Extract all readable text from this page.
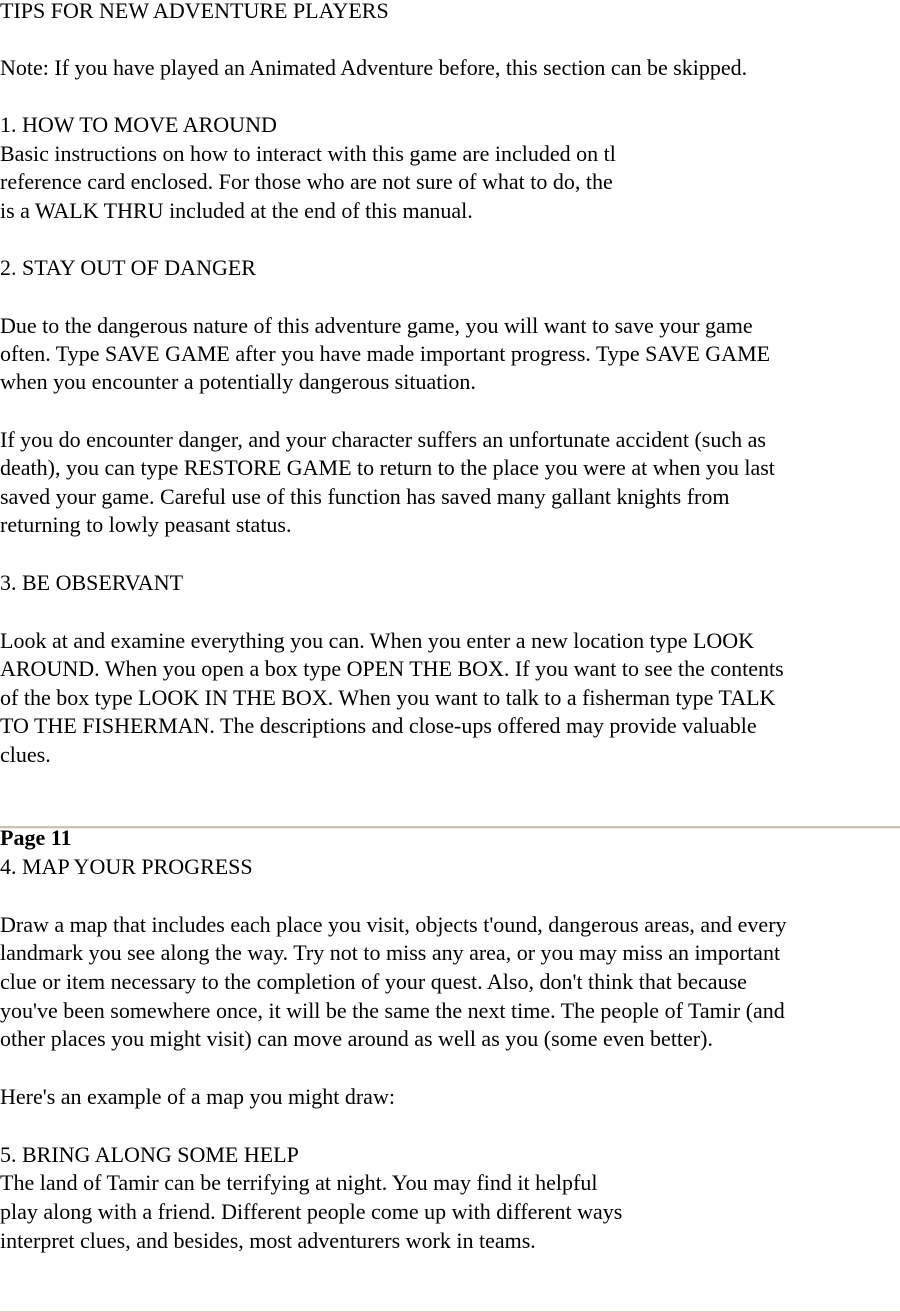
TIPS FOR NEW ADVENTURE PLAYERS
Note: If you have played an Animated Adventure before, this section can be skipped.
1. HOW TO MOVE AROUND
Basic instructions on how to interact with this game are included on tl
reference card enclosed. For those who are not sure of what to do, the
is a WALK THRU included at the end of this manual.
2. STAY OUT OF DANGER
Due to the dangerous nature of this adventure game, you will want to save your game
often. Type SAVE GAME after you have made important progress. Type SAVE GAME
when you encounter a potentially dangerous situation.
If you do encounter danger, and your character suffers an unfortunate accident (such as
death), you can type RESTORE GAME to return to the place you were at when you last
saved your game. Careful use of this function has saved many gallant knights from
returning to lowly peasant status.
3. BE OBSERVANT
Look at and examine everything you can. When you enter a new location type LOOK
AROUND. When you open a box type OPEN THE BOX. If you want to see the contents
of the box type LOOK IN THE BOX. When you want to talk to a fisherman type TALK
TO THE FISHERMAN. The descriptions and close-ups offered may provide valuable
clues.
Page 11
4. MAP YOUR PROGRESS
Draw a map that includes each place you visit, objects t'ound, dangerous areas, and every
landmark you see along the way. Try not to miss any area, or you may miss an important
clue or item necessary to the completion of your quest. Also, don't think that because
you've been somewhere once, it will be the same the next time. The people of Tamir (and
other places you might visit) can move around as well as you (some even better).
Here's an example of a map you might draw:
5. BRING ALONG SOME HELP
The land of Tamir can be terrifying at night. You may find it helpful
play along with a friend. Different people come up with different ways
interpret clues, and besides, most adventurers work in teams.
